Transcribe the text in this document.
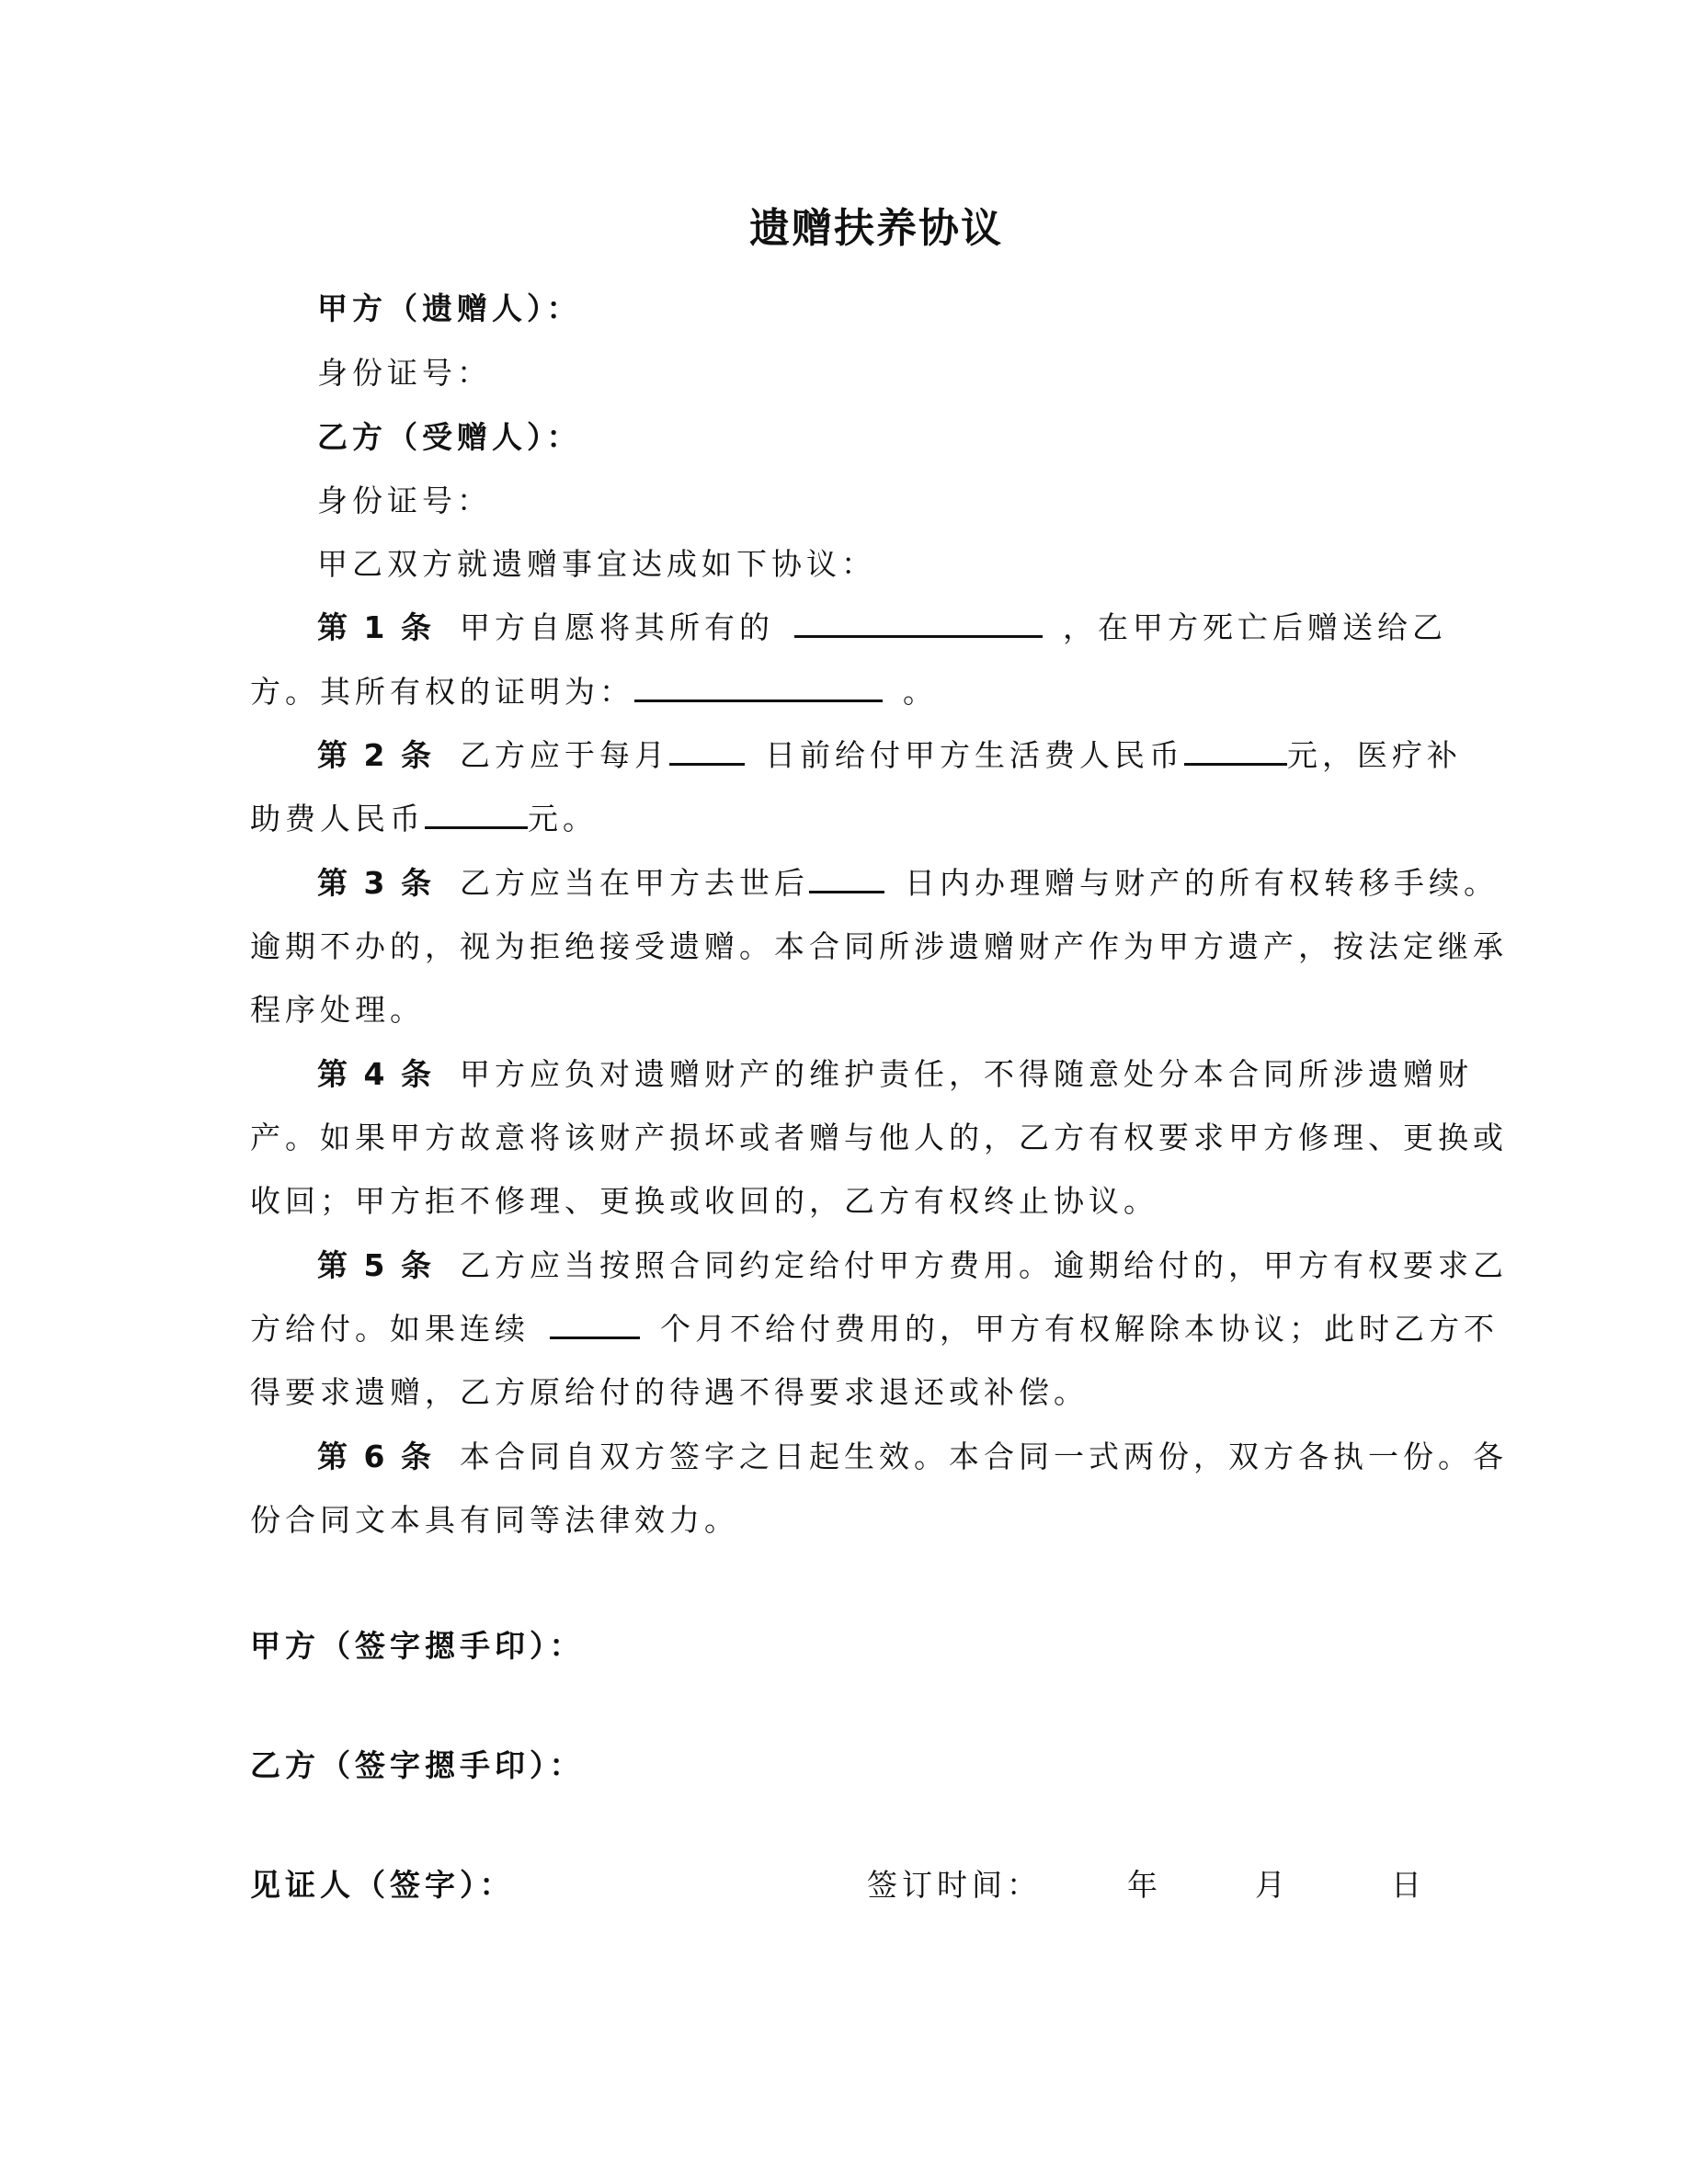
遗赠扶养协议
甲方（遗赠人）：
身份证号：
乙方（受赠人）：
身份证号：
甲乙双方就遗赠事宜达成如下协议：
第 1 条 甲方自愿将其所有的	，在甲方死亡后赠送给乙
方。其所有权的证明为：	。
第 2 条 乙方应于每月	日前给付甲方生活费人民币	元，医疗补
助费人民币	元。
第 3 条 乙方应当在甲方去世后	日内办理赠与财产的所有权转移手续。
逾期不办的，视为拒绝接受遗赠。本合同所涉遗赠财产作为甲方遗产，按法定继承
程序处理。
第 4 条 甲方应负对遗赠财产的维护责任，不得随意处分本合同所涉遗赠财
产。如果甲方故意将该财产损坏或者赠与他人的，乙方有权要求甲方修理、更换或
收回；甲方拒不修理、更换或收回的，乙方有权终止协议。
第 5 条 乙方应当按照合同约定给付甲方费用。逾期给付的，甲方有权要求乙
方给付。如果连续	个月不给付费用的，甲方有权解除本协议；此时乙方不
得要求遗赠，乙方原给付的待遇不得要求退还或补偿。
第 6 条 本合同自双方签字之日起生效。本合同一式两份，双方各执一份。各
份合同文本具有同等法律效力。
甲方（签字摁手印）：
乙方（签字摁手印）：
见证人（签字）：	签订时间：	年	月	日
